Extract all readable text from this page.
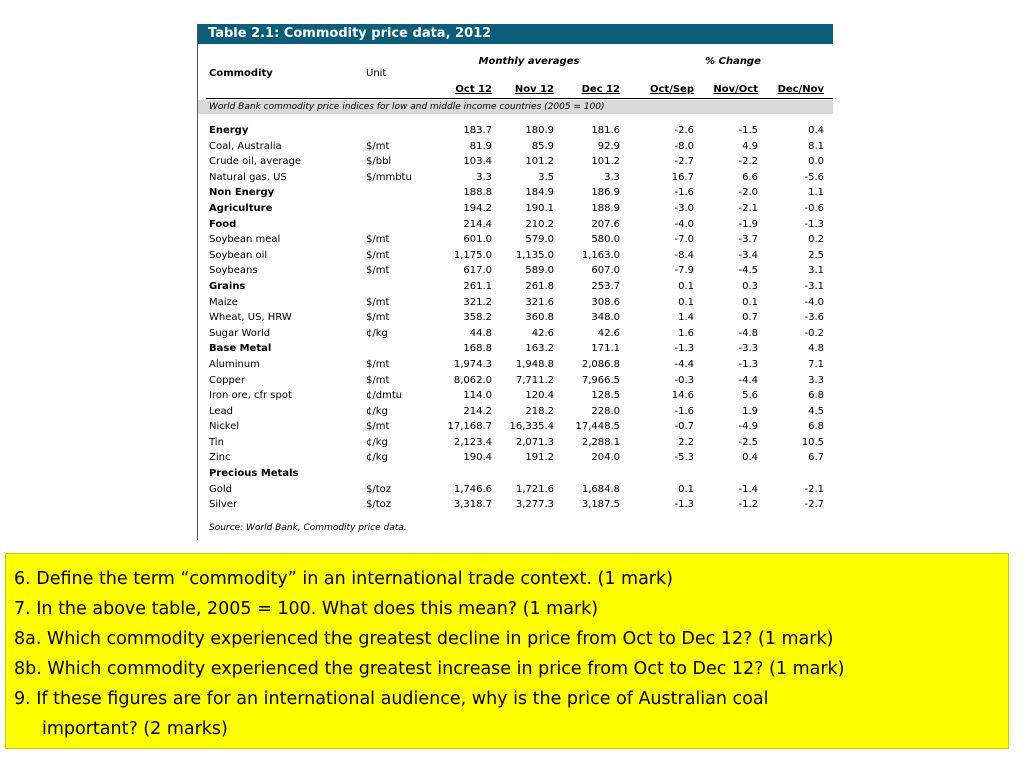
Table 2.1: Commodity price data, 2012
Commodity	Unit
Monthly averages	% Change
Oct 12	Nov 12	Dec 12	Oct/Sep	Nov/Oct	Dec/Nov
World Bank commodity price indices for low and middle income countries (2005 = 100)
Energy	183.7	180.9	181.6	-2.6	-1.5	0.4
Coal, Australia	$/mt	81.9	85.9	92.9	-8.0	4.9	8.1
Crude oil, average	$/bbl	103.4	101.2	101.2	-2.7	-2.2	0.0
Natural gas, US	$/mmbtu	3.3	3.5	3.3	16.7	6.6	-5.6
Non Energy	188.8	184.9	186.9	-1.6	-2.0	1.1
Agriculture	194.2	190.1	188.9	-3.0	-2.1	-0.6
Food	214.4	210.2	207.6	-4.0	-1.9	-1.3
Soybean meal	$/mt	601.0	579.0	580.0	-7.0	-3.7	0.2
Soybean oil	$/mt	1,175.0 1,135.0	1,163.0	-8.4	-3.4	2.5
Soybeans	$/mt	617.0	589.0	607.0	-7.9	-4.5	3.1
Grains	261.1	261.8	253.7	0.1	0.3	-3.1
Maize	$/mt	321.2	321.6	308.6	0.1	0.1	-4.0
Wheat, US, HRW	$/mt	358.2	360.8	348.0	1.4	0.7	-3.6
Sugar World	¢/kg	44.8	42.6	42.6	1.6	-4.8	-0.2
Base Metal	168.8	163.2	171.1	-1.3	-3.3	4.8
Aluminum	$/mt	1,974.3 1,948.8	2,086.8	-4.4	-1.3	7.1
Copper	$/mt	8,062.0 7,711.2	7,966.5	-0.3	-4.4	3.3
Iron ore, cfr spot	¢/dmtu	114.0	120.4	128.5	14.6	5.6	6.8
Lead	¢/kg	214.2	218.2	228.0	-1.6	1.9	4.5
Nickel	$/mt	17,168.7 16,335.4 17,448.5	-0.7	-4.9	6.8
Tin	¢/kg	2,123.4 2,071.3	2,288.1	2.2	-2.5	10.5
Zinc	¢/kg	190.4	191.2	204.0	-5.3	0.4	6.7
Precious Metals
Gold	$/toz	1,746.6 1,721.6	1,684.8	0.1	-1.4	-2.1
Silver	$/toz	3,318.7 3,277.3	3,187.5	-1.3	-1.2	-2.7
Source: World Bank, Commodity price data.
6. Define the term “commodity” in an international trade context. (1 mark)
7. In the above table, 2005 = 100. What does this mean? (1 mark)
8a. Which commodity experienced the greatest decline in price from Oct to Dec 12? (1 mark)
8b. Which commodity experienced the greatest increase in price from Oct to Dec 12? (1 mark)
9. If these figures are for an international audience, why is the price of Australian coal
important? (2 marks)
